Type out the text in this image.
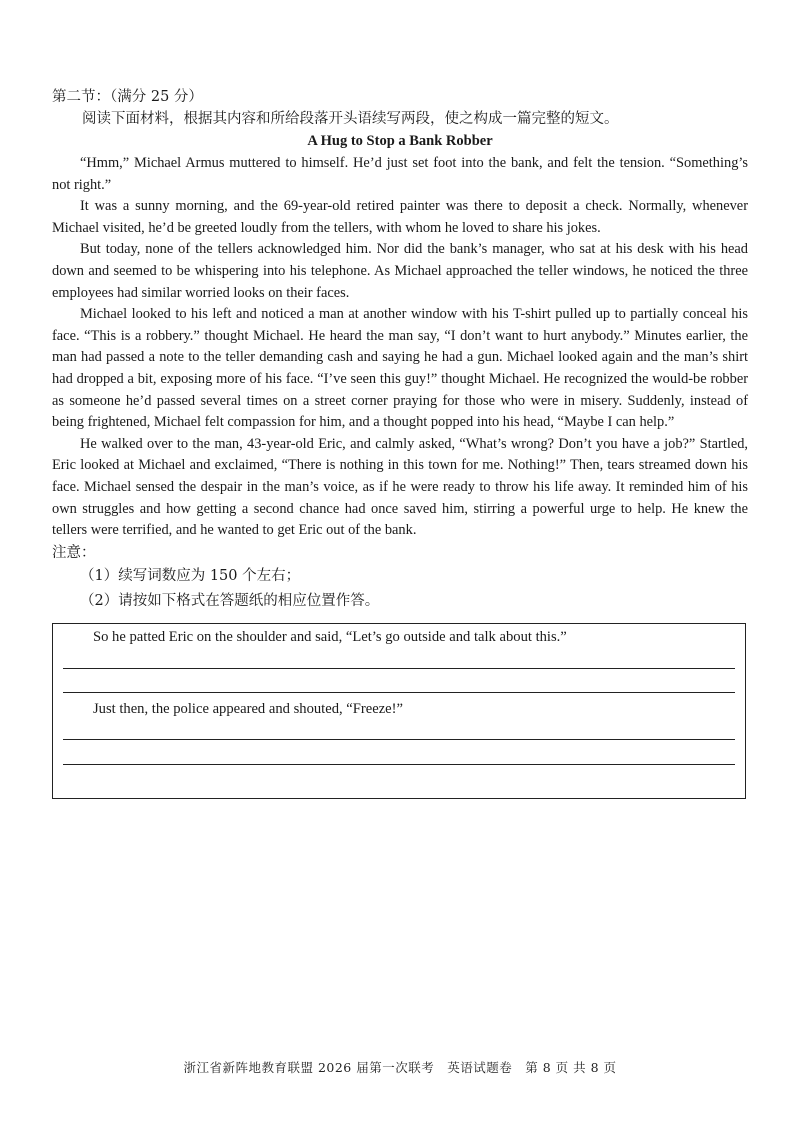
第二节：（满分 25 分）

阅读下面材料，根据其内容和所给段落开头语续写两段，使之构成一篇完整的短文。

A Hug to Stop a Bank Robber

“Hmm,” Michael Armus muttered to himself. He’d just set foot into the bank, and felt the tension. “Something’s not right.”

It was a sunny morning, and the 69-year-old retired painter was there to deposit a check. Normally, whenever Michael visited, he’d be greeted loudly from the tellers, with whom he loved to share his jokes.

But today, none of the tellers acknowledged him. Nor did the bank’s manager, who sat at his desk with his head down and seemed to be whispering into his telephone. As Michael approached the teller windows, he noticed the three employees had similar worried looks on their faces.

Michael looked to his left and noticed a man at another window with his T-shirt pulled up to partially conceal his face. “This is a robbery.” thought Michael. He heard the man say, “I don’t want to hurt anybody.” Minutes earlier, the man had passed a note to the teller demanding cash and saying he had a gun. Michael looked again and the man’s shirt had dropped a bit, exposing more of his face. “I’ve seen this guy!” thought Michael. He recognized the would-be robber as someone he’d passed several times on a street corner praying for those who were in misery. Suddenly, instead of being frightened, Michael felt compassion for him, and a thought popped into his head, “Maybe I can help.”

He walked over to the man, 43-year-old Eric, and calmly asked, “What’s wrong? Don’t you have a job?” Startled, Eric looked at Michael and exclaimed, “There is nothing in this town for me. Nothing!” Then, tears streamed down his face. Michael sensed the despair in the man’s voice, as if he were ready to throw his life away. It reminded him of his own struggles and how getting a second chance had once saved him, stirring a powerful urge to help. He knew the tellers were terrified, and he wanted to get Eric out of the bank.

注意：

（1）续写词数应为 150 个左右；

（2）请按如下格式在答题纸的相应位置作答。

So he patted Eric on the shoulder and said, “Let’s go outside and talk about this.”
Just then, the police appeared and shouted, “Freeze!”
浙江省新阵地教育联盟 2026 届第一次联考　英语试题卷　第 8 页 共 8 页
